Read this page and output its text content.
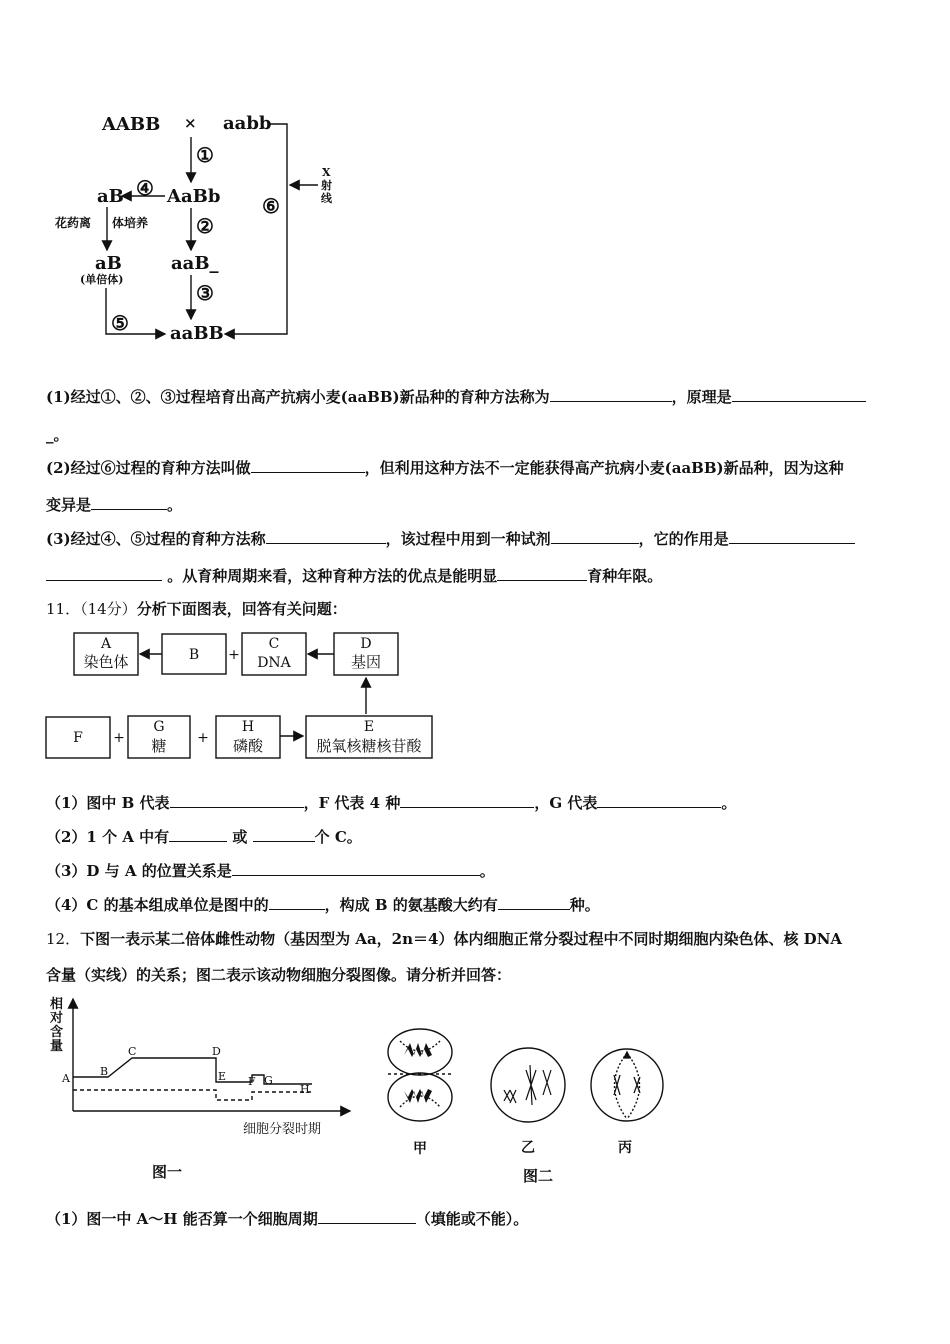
AABB × aabb
①
aB ④ AaBb ⑥
花药离 体培养 ②
aB
(单倍体)
aaB_
③
⑤ aaBB
X
射
线
(1)经过①、②、③过程培育出高产抗病小麦(aaBB)新品种的育种方法称为	，原理是
_。
(2)经过⑥过程的育种方法叫做	，但利用这种方法不一定能获得高产抗病小麦(aaBB)新品种，因为这种
变异是	。
(3)经过④、⑤过程的育种方法称	，该过程中用到一种试剂	，它的作用是
。从育种周期来看，这种育种方法的优点是能明显	育种年限。
11．（14分）分析下面图表，回答有关问题：
A
染色体	B +
C
DNA
D
基因
F +
G
糖 +
H
磷酸
E
脱氧核糖核苷酸
（1）图中 B 代表	，F 代表 4 种	，G 代表	。
（2）1 个 A 中有	或	个 C。
（3）D 与 A 的位置关系是	。
（4）C 的基本组成单位是图中的	，构成 B 的氨基酸大约有	种。
12．下图一表示某二倍体雌性动物（基因型为 Aa，2n＝4）体内细胞正常分裂过程中不同时期细胞内染色体、核 DNA
含量（实线）的关系；图二表示该动物细胞分裂图像。请分析并回答：
相
对
含
量
A
B
C	D
E F G
H
细胞分裂时期
图一
甲	乙	丙
图二
（1）图一中 A～H 能否算一个细胞周期	（填能或不能）。
